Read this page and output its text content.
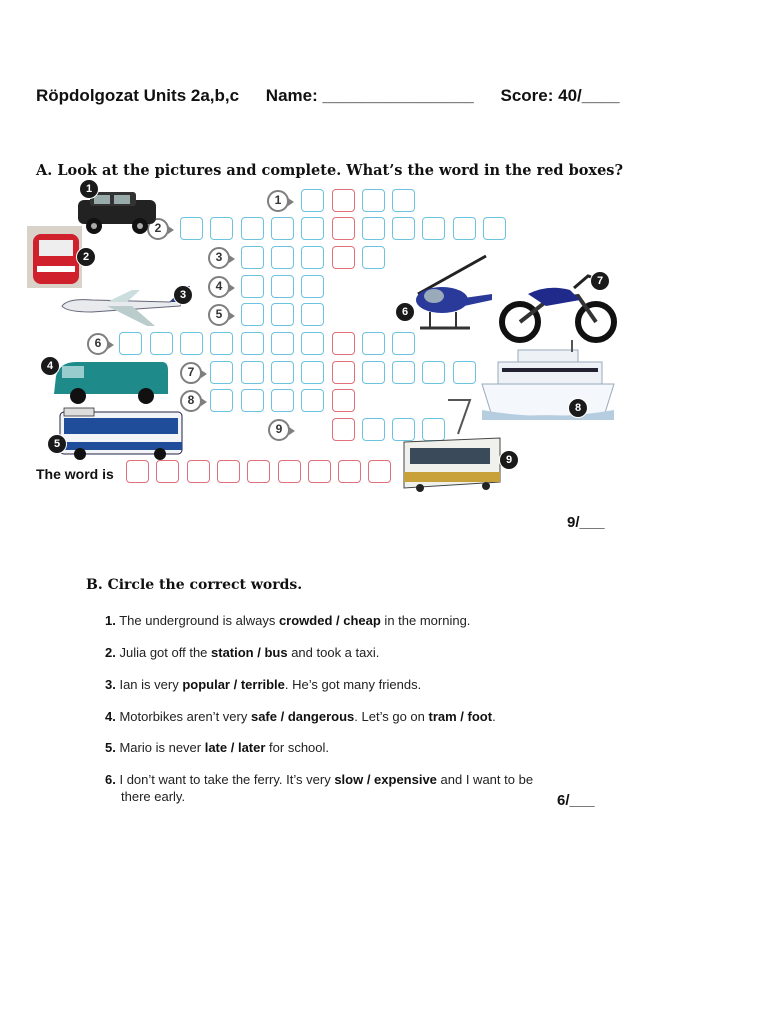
Röpdolgozat Units 2a,b,c Name: ________________ Score: 40/____
A. Look at the pictures and complete. What’s the word in the red boxes?
1
2
3
4
5
6
7
8
9
1
2
3
4
5
6
7
8
9
The word is
9/___
B. Circle the correct words.
1. The underground is always crowded / cheap in the morning.
2. Julia got off the station / bus and took a taxi.
3. Ian is very popular / terrible. He’s got many friends.
4. Motorbikes aren’t very safe / dangerous. Let’s go on tram / foot.
5. Mario is never late / later for school.
6. I don’t want to take the ferry. It’s very slow / expensive and I want to be there early.	6/___
